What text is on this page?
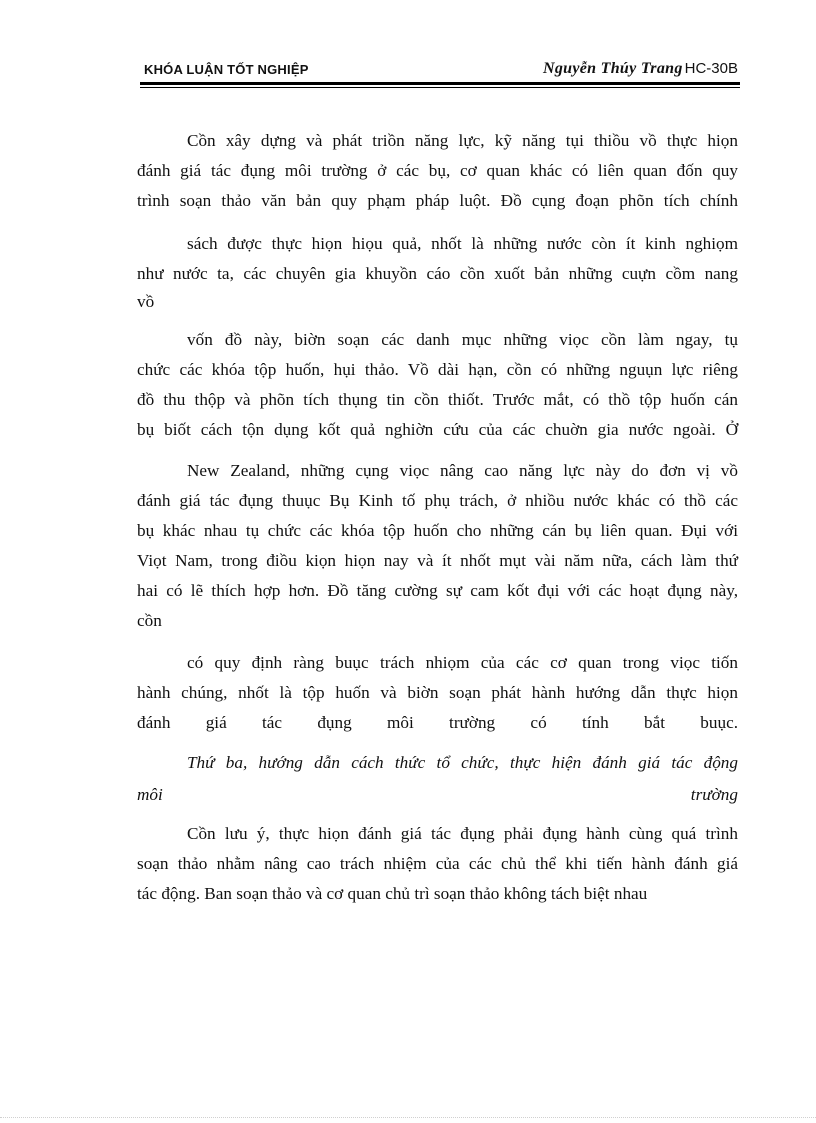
KHÓA LUẬN TỐT NGHIỆP	Nguyễn Thúy Trang HC-30B
Cồn xây dựng và phát triồn năng lực, kỹ năng tụi thiồu vồ thực hiọn
đánh giá tác đụng môi trường ở các bụ, cơ quan khác có liên quan đốn quy
trình soạn thảo văn bản quy phạm pháp luột. Đồ cụng đoạn phõn tích chính
sách được thực hiọn hiọu quả, nhốt là những nước còn ít kinh nghiọm
như nước ta, các chuyên gia khuyồn cáo cồn xuốt bản những cuựn cồm nang
vồ
vốn đồ này, biờn soạn các danh mục những viọc cồn làm ngay, tụ
chức các khóa tộp huốn, hụi thảo. Vồ dài hạn, cồn có những nguụn lực riêng
đồ thu thộp và phõn tích thụng tin cồn thiốt. Trước mắt, có thồ tộp huốn cán
bụ biốt cách tộn dụng kốt quả nghiờn cứu của các chuờn gia nước ngoài. Ở
New Zealand, những cụng viọc nâng cao năng lực này do đơn vị vồ
đánh giá tác đụng thuục Bụ Kinh tố phụ trách, ở nhiồu nước khác có thồ các
bụ khác nhau tụ chức các khóa tộp huốn cho những cán bụ liên quan. Đụi với
Viọt Nam, trong điồu kiọn hiọn nay và ít nhốt mụt vài năm nữa, cách làm thứ
hai có lẽ thích hợp hơn. Đồ tăng cường sự cam kốt đụi với các hoạt đụng này,
cồn
có quy định ràng buục trách nhiọm của các cơ quan trong viọc tiốn
hành chúng, nhốt là tộp huốn và biờn soạn phát hành hướng dẫn thực hiọn
đánh giá tác đụng môi trường có tính bắt buục.
Thứ ba, hướng dẫn cách thức tổ chức, thực hiện đánh giá tác động
môi trường
Cồn lưu ý, thực hiọn đánh giá tác đụng phải đụng hành cùng quá trình
soạn thảo nhằm nâng cao trách nhiệm của các chủ thể khi tiến hành đánh giá
tác động. Ban soạn thảo và cơ quan chủ trì soạn thảo không tách biệt nhau
